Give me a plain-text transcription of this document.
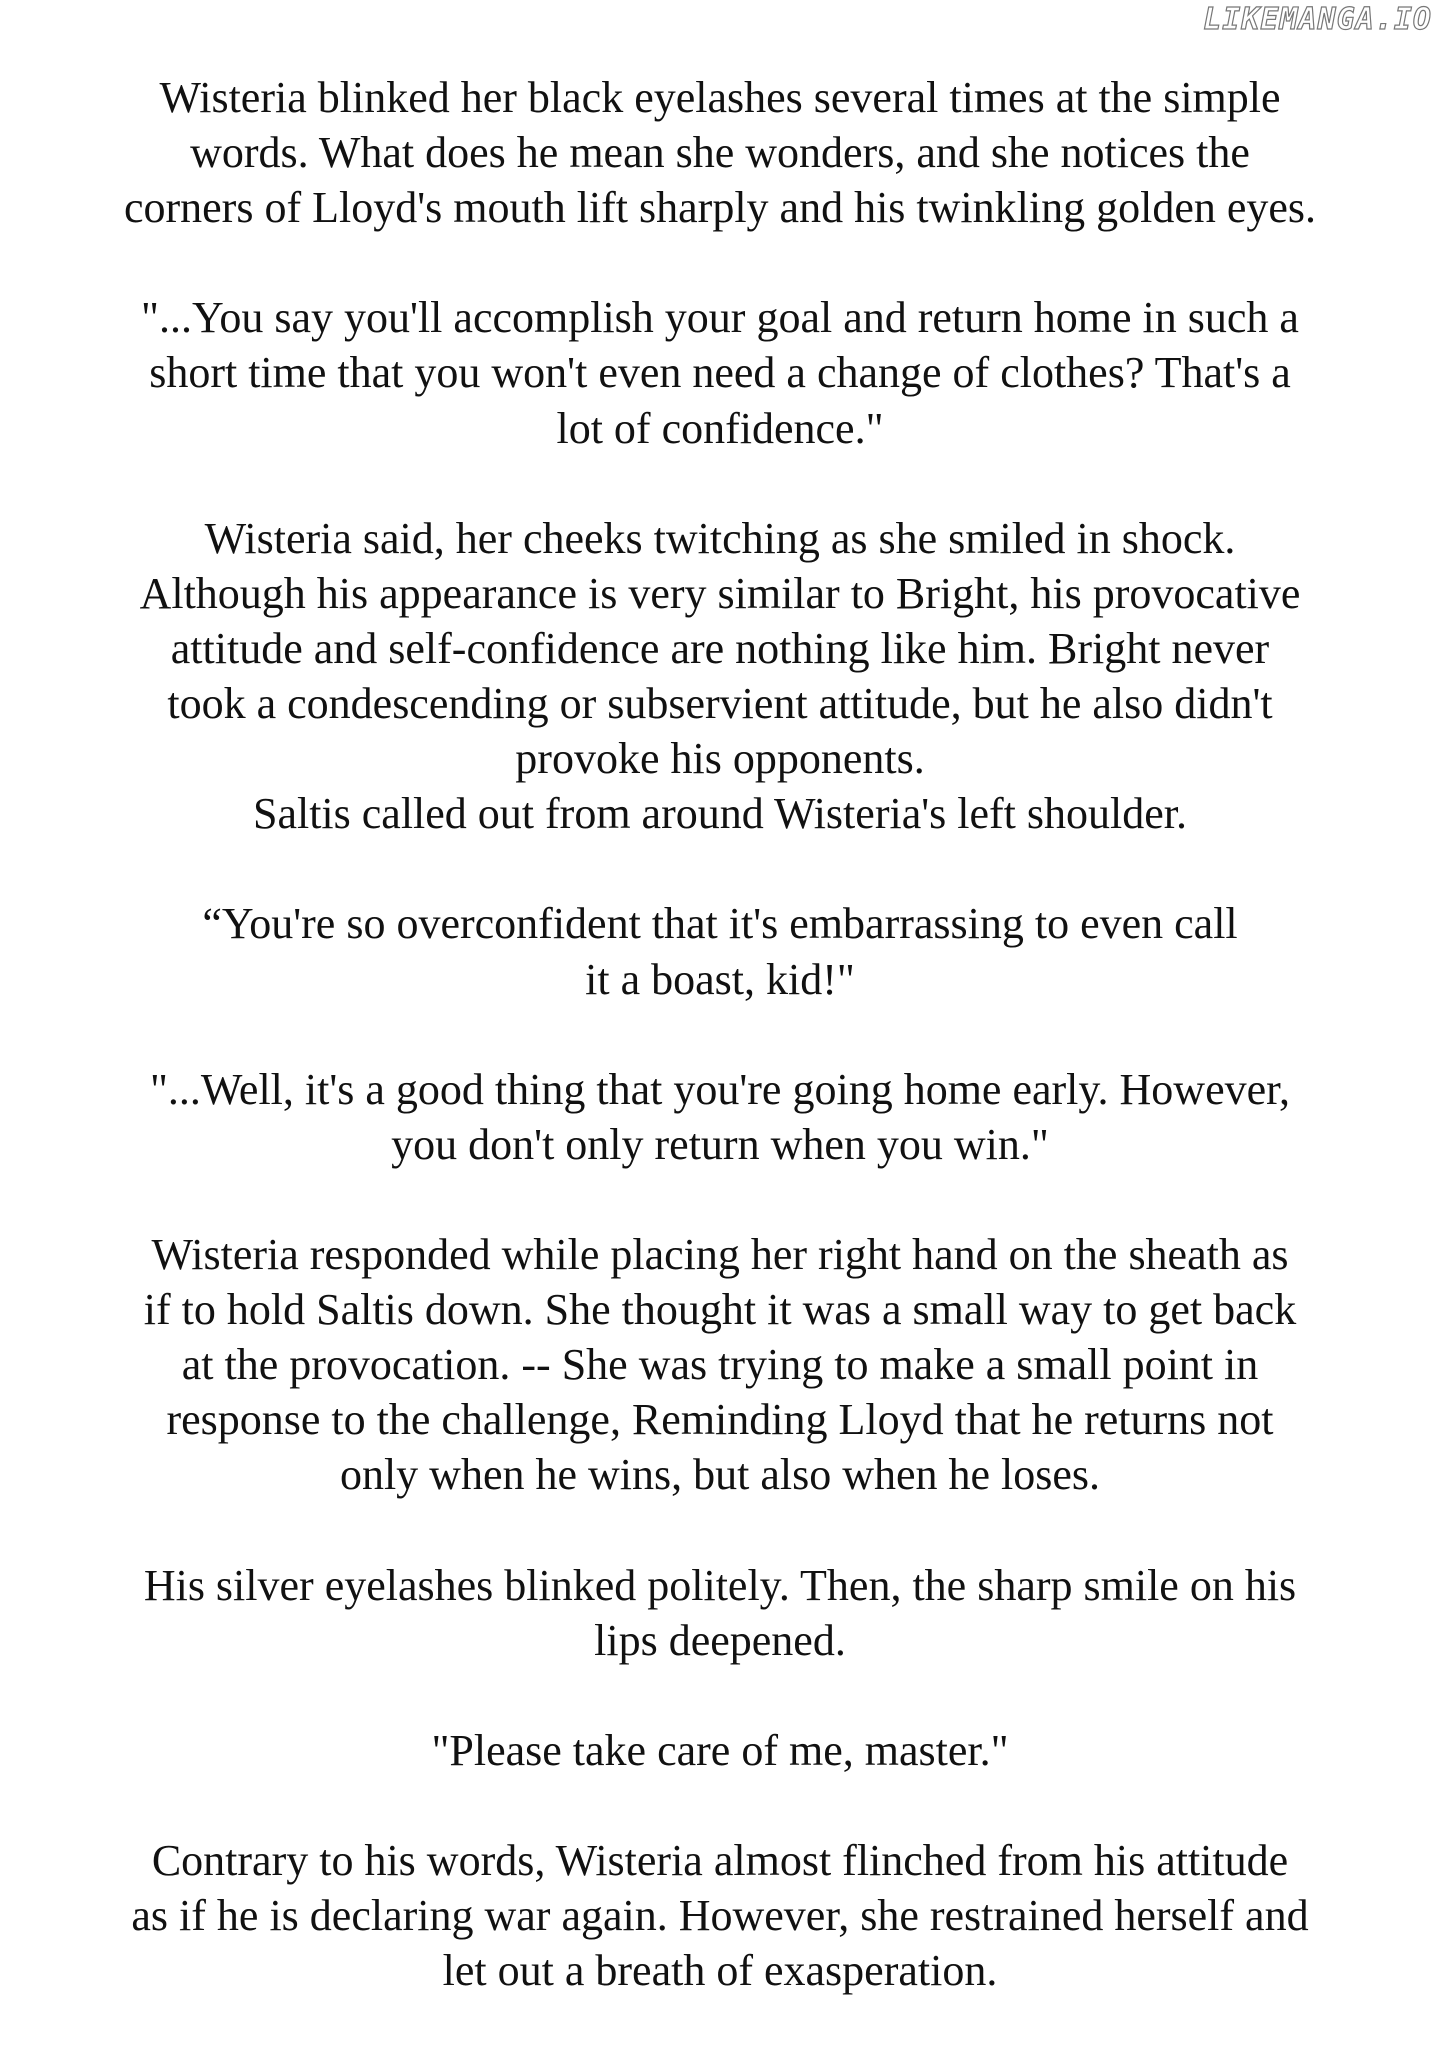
LIKEMANGA.IO
Wisteria blinked her black eyelashes several times at the simple
words. What does he mean she wonders, and she notices the
corners of Lloyd's mouth lift sharply and his twinkling golden eyes.
"...You say you'll accomplish your goal and return home in such a
short time that you won't even need a change of clothes? That's a
lot of confidence."
Wisteria said, her cheeks twitching as she smiled in shock.
Although his appearance is very similar to Bright, his provocative
attitude and self-confidence are nothing like him. Bright never
took a condescending or subservient attitude, but he also didn't
provoke his opponents.
Saltis called out from around Wisteria's left shoulder.
“You're so overconfident that it's embarrassing to even call
it a boast, kid!"
"...Well, it's a good thing that you're going home early. However,
you don't only return when you win."
Wisteria responded while placing her right hand on the sheath as
if to hold Saltis down. She thought it was a small way to get back
at the provocation. -- She was trying to make a small point in
response to the challenge, Reminding Lloyd that he returns not
only when he wins, but also when he loses.
His silver eyelashes blinked politely. Then, the sharp smile on his
lips deepened.
"Please take care of me, master."
Contrary to his words, Wisteria almost flinched from his attitude
as if he is declaring war again. However, she restrained herself and
let out a breath of exasperation.
